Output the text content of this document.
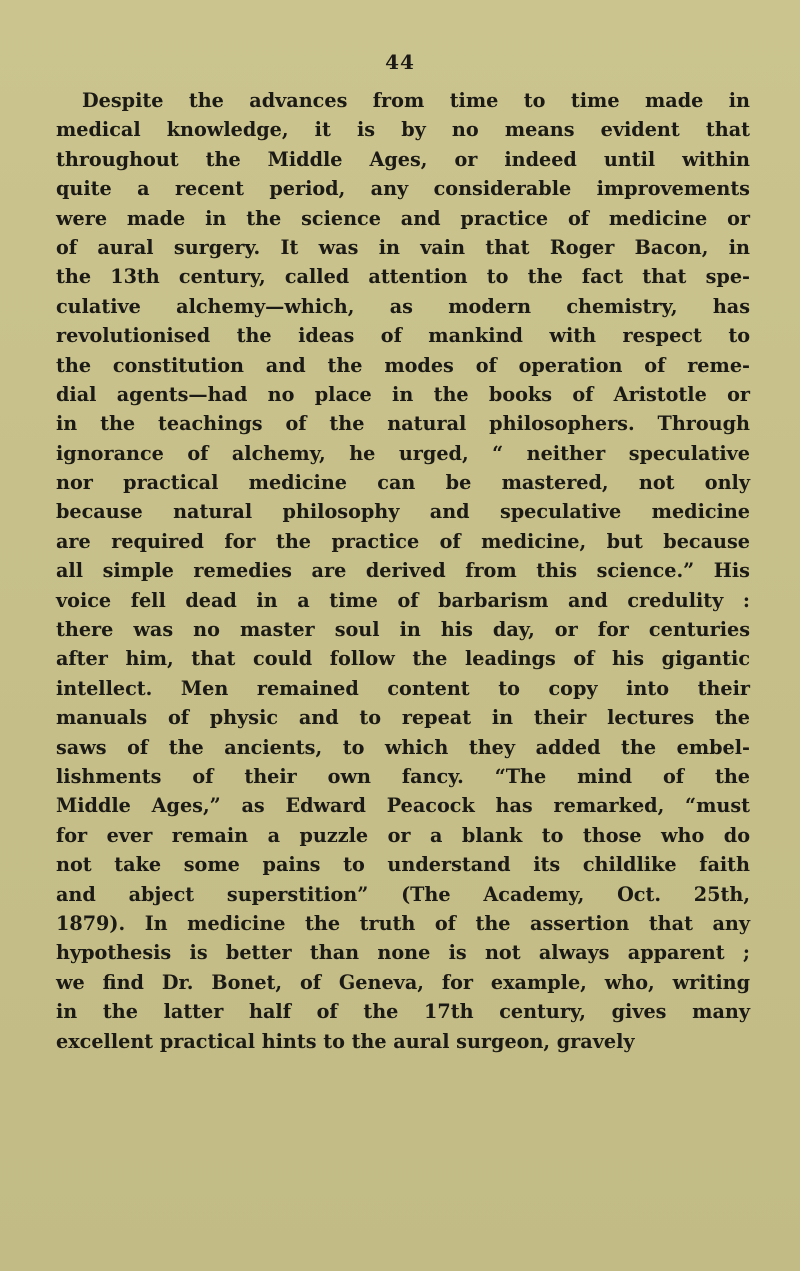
44
Despite the advances from time to time made in
medical knowledge, it is by no means evident that
throughout the Middle Ages, or indeed until within
quite a recent period, any considerable improvements
were made in the science and practice of medicine or
of aural surgery. It was in vain that Roger Bacon, in
the 13th century, called attention to the fact that spe-
culative alchemy—which, as modern chemistry, has
revolutionised the ideas of mankind with respect to
the constitution and the modes of operation of reme-
dial agents—had no place in the books of Aristotle or
in the teachings of the natural philosophers. Through
ignorance of alchemy, he urged, “ neither speculative
nor practical medicine can be mastered, not only
because natural philosophy and speculative medicine
are required for the practice of medicine, but because
all simple remedies are derived from this science.” His
voice fell dead in a time of barbarism and credulity :
there was no master soul in his day, or for centuries
after him, that could follow the leadings of his gigantic
intellect. Men remained content to copy into their
manuals of physic and to repeat in their lectures the
saws of the ancients, to which they added the embel-
lishments of their own fancy. “The mind of the
Middle Ages,” as Edward Peacock has remarked, “must
for ever remain a puzzle or a blank to those who do
not take some pains to understand its childlike faith
and abject superstition” (The Academy, Oct. 25th,
1879). In medicine the truth of the assertion that any
hypothesis is better than none is not always apparent ;
we find Dr. Bonet, of Geneva, for example, who, writing
in the latter half of the 17th century, gives many
excellent practical hints to the aural surgeon, gravely
